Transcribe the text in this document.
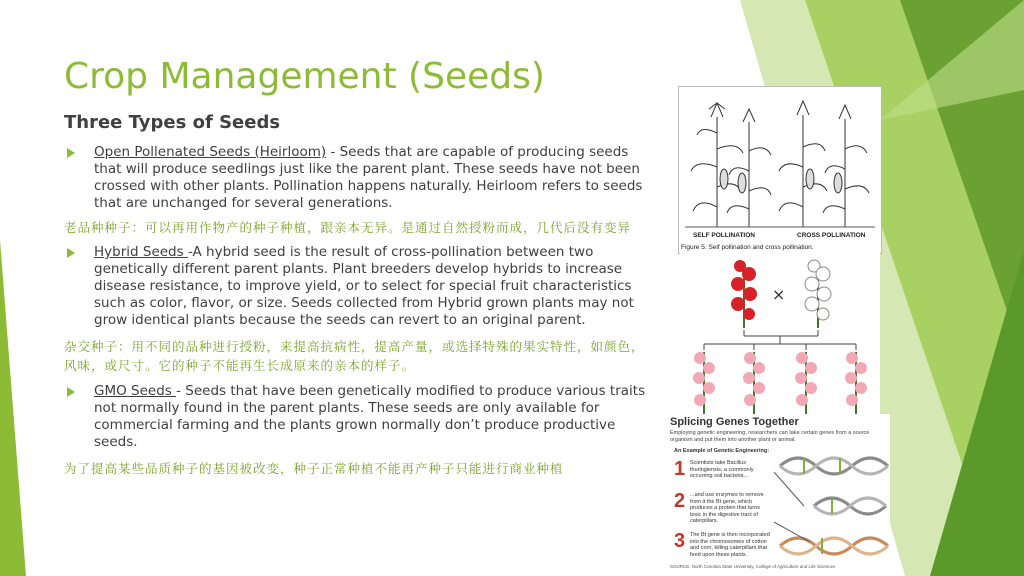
Crop Management (Seeds)
Three Types of Seeds
Open Pollenated Seeds (Heirloom) - Seeds that are capable of producing seeds that will produce seedlings just like the parent plant. These seeds have not been crossed with other plants. Pollination happens naturally. Heirloom refers to seeds that are unchanged for several generations.

老品种种子：可以再用作物产的种子种植，跟亲本无异。是通过自然授粉而成，几代后没有变异

Hybrid Seeds -A hybrid seed is the result of cross-pollination between two genetically different parent plants. Plant breeders develop hybrids to increase disease resistance, to improve yield, or to select for special fruit characteristics such as color, flavor, or size. Seeds collected from Hybrid grown plants may not grow identical plants because the seeds can revert to an original parent.

杂交种子：用不同的品种进行授粉，来提高抗病性，提高产量，或选择特殊的果实特性，如颜色，风味，或尺寸。它的种子不能再生长成原来的亲本的样子。

GMO Seeds - Seeds that have been genetically modified to produce various traits not normally found in the parent plants. These seeds are only available for commercial farming and the plants grown normally don’t produce productive seeds.

为了提高某些品质种子的基因被改变，种子正常种植不能再产种子只能进行商业种植

SELF POLLINATION	CROSS POLLINATION
Figure 5. Self pollination and cross pollination.
×
Splicing Genes Together
Employing genetic engineering, researchers can take certain genes from a source organism and put them into another plant or animal.
An Example of Genetic Engineering:
1 Scientists take Bacillus thuringiensis, a commonly occurring soil bacteria...
2 ...and use enzymes to remove from it the Bt gene, which produces a protein that turns toxic in the digestive tract of caterpillars.
3 The Bt gene is then incorporated into the chromosomes of cotton and corn, killing caterpillars that feed upon these plants.
SOURCE: North Carolina State University, College of Agriculture and Life Sciences
